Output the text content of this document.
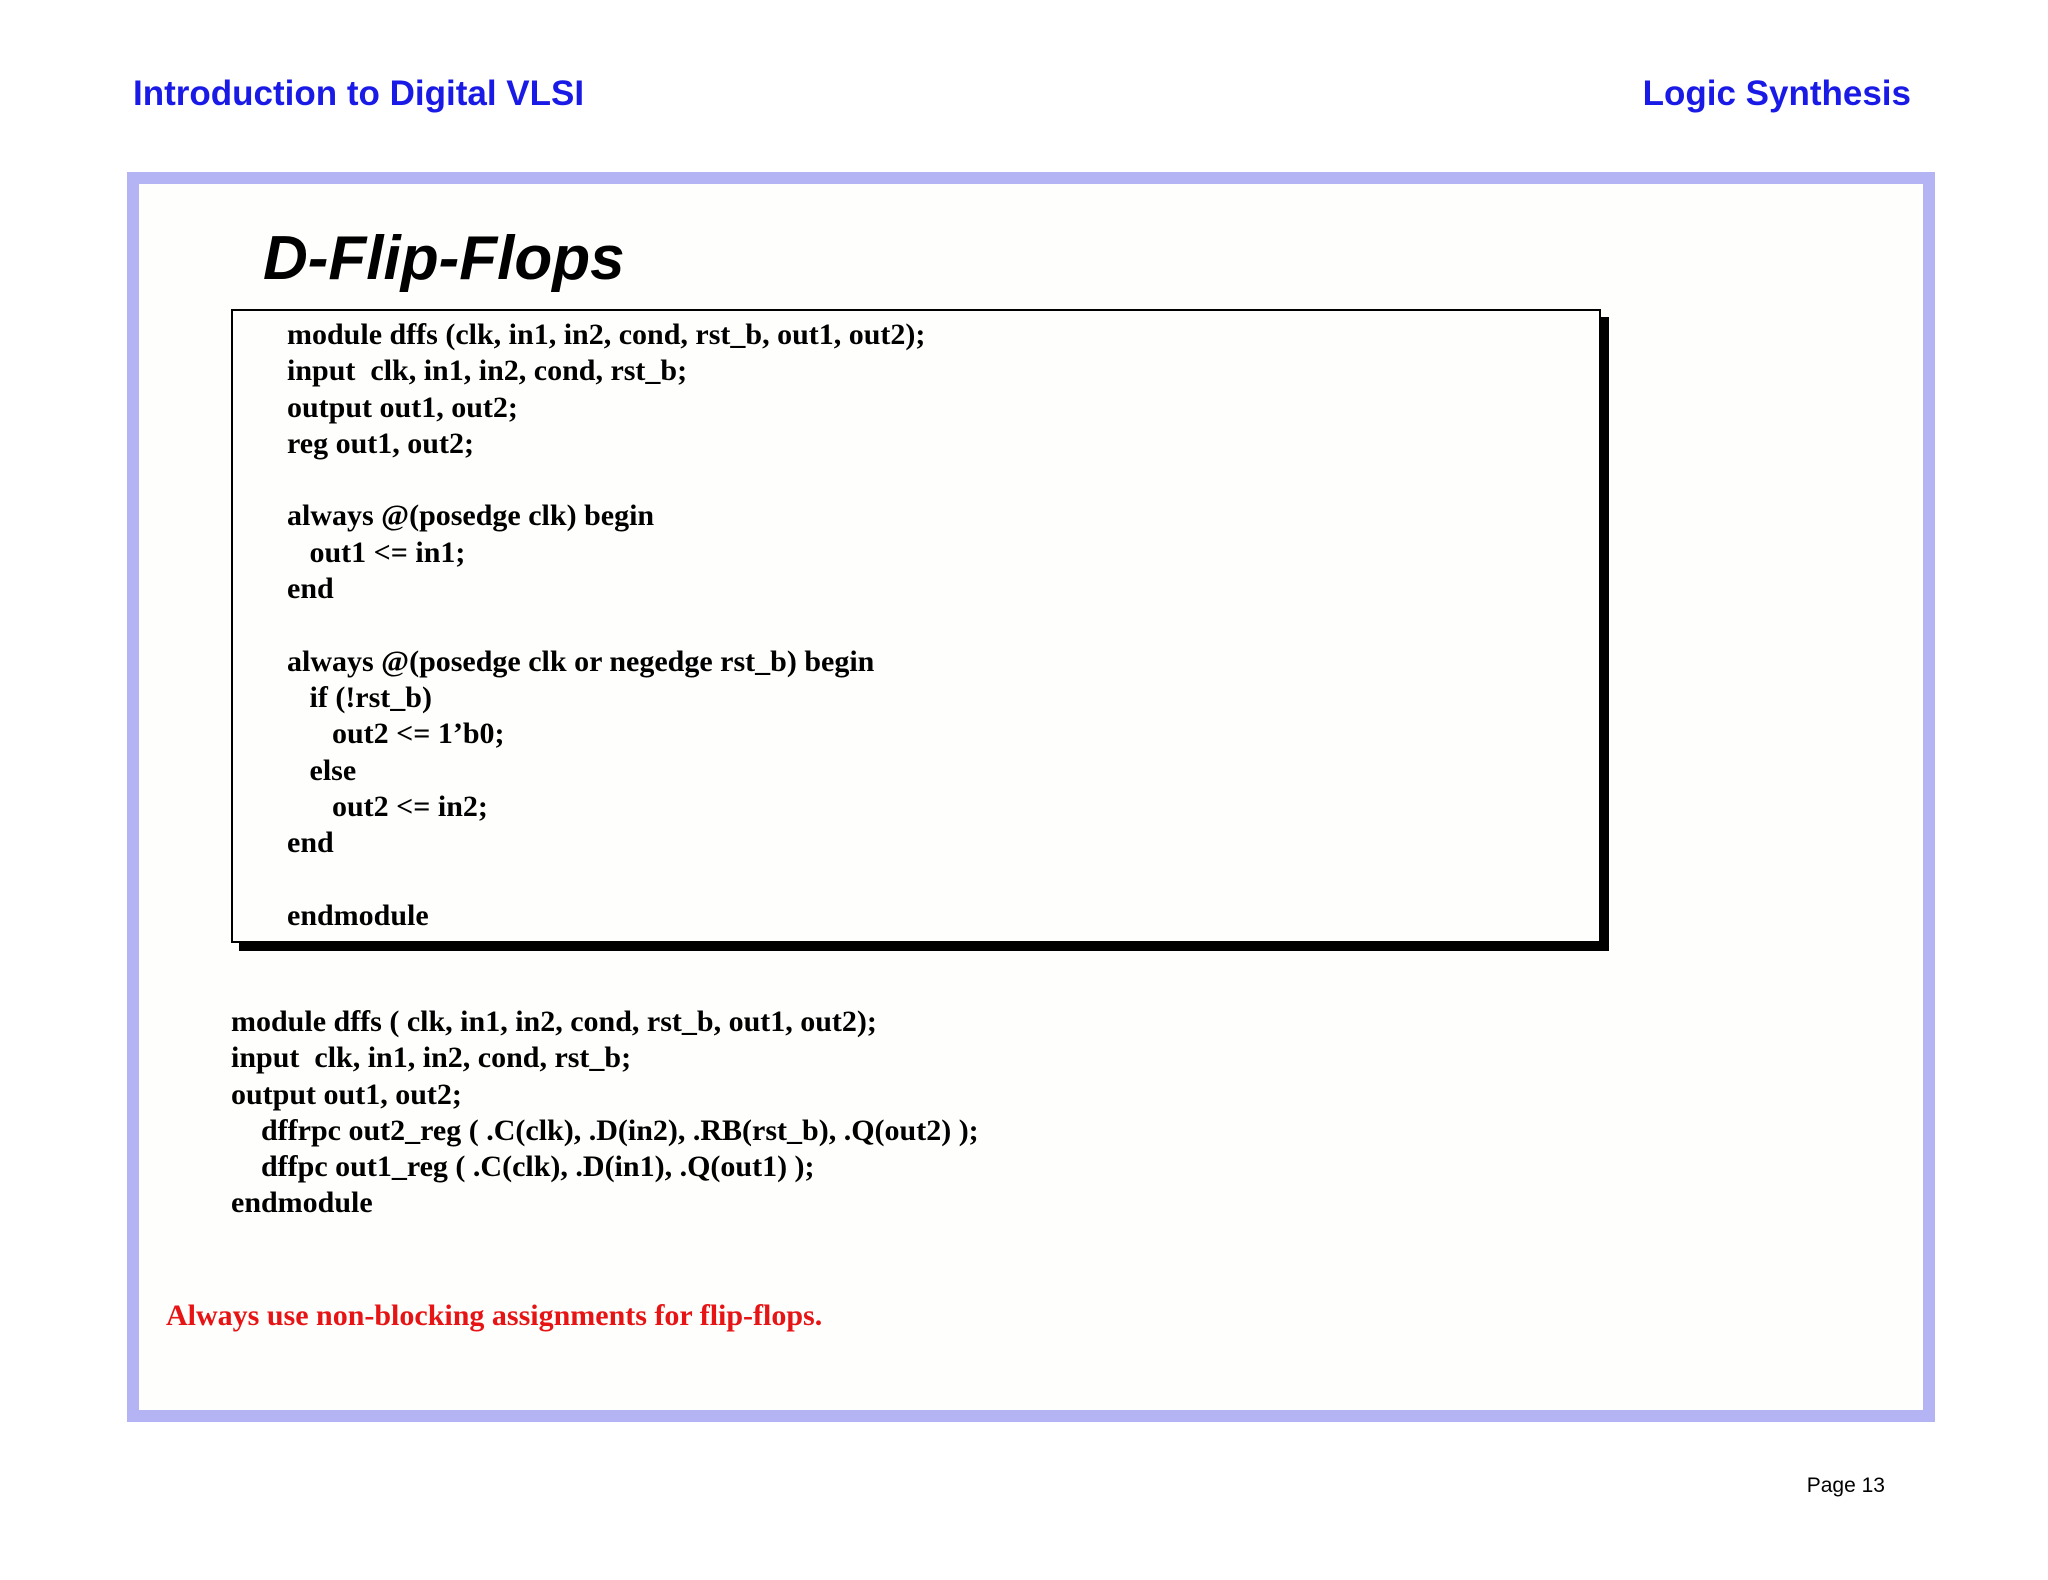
Introduction to Digital VLSI	Logic Synthesis
D-Flip-Flops
module dffs (clk, in1, in2, cond, rst_b, out1, out2);
input  clk, in1, in2, cond, rst_b;
output out1, out2;
reg out1, out2;
always @(posedge clk) begin
out1 <= in1;
end
always @(posedge clk or negedge rst_b) begin
if (!rst_b)
out2 <= 1’b0;
else
out2 <= in2;
end
endmodule
module dffs ( clk, in1, in2, cond, rst_b, out1, out2);
input  clk, in1, in2, cond, rst_b;
output out1, out2;
dffrpc out2_reg ( .C(clk), .D(in2), .RB(rst_b), .Q(out2) );
dffpc out1_reg ( .C(clk), .D(in1), .Q(out1) );
endmodule
Always use non-blocking assignments for flip-flops.
Page 13
